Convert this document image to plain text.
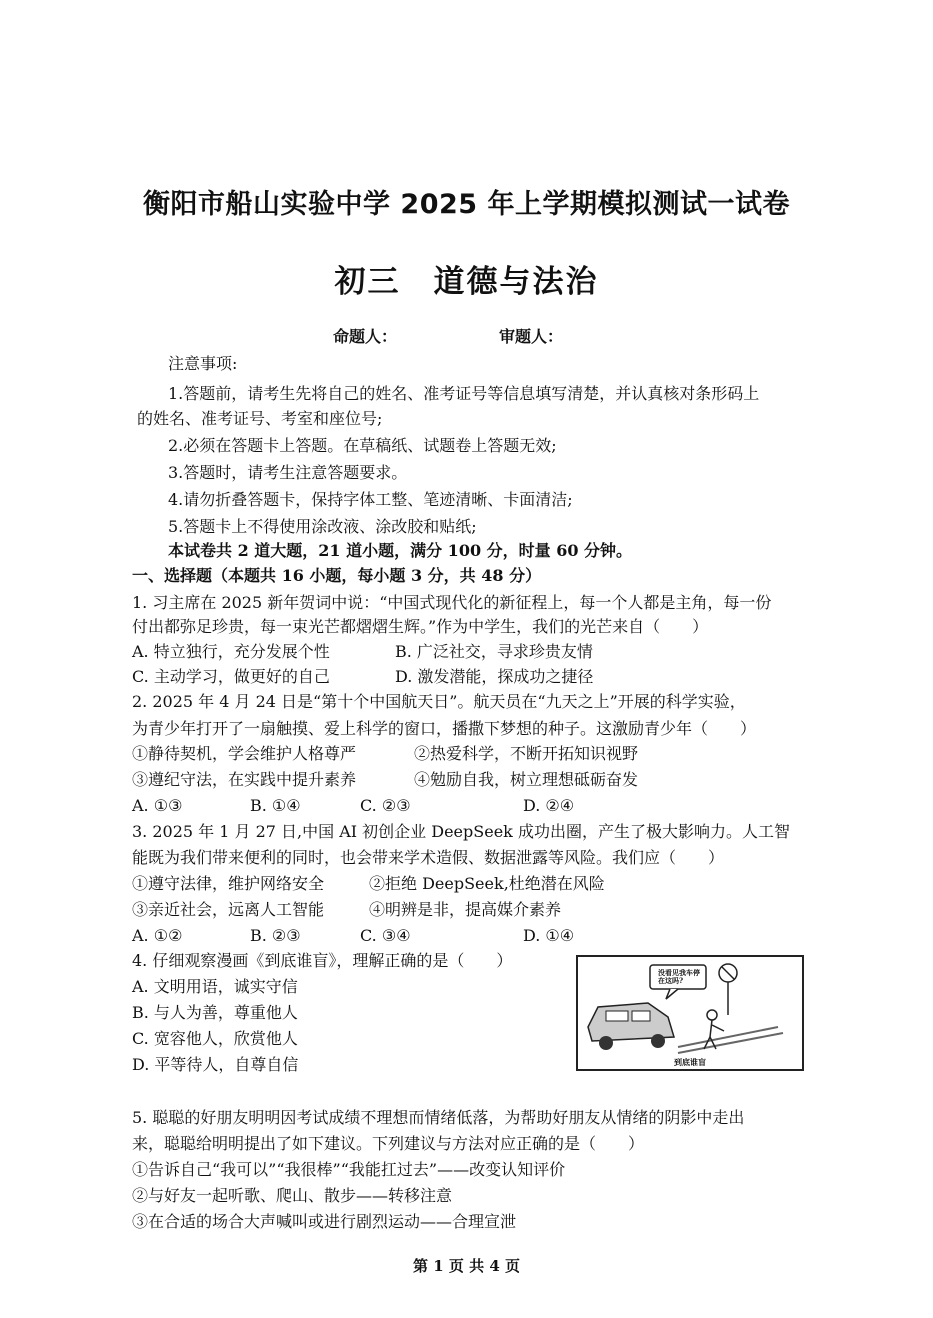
衡阳市船山实验中学 2025 年上学期模拟测试一试卷
初三　道德与法治
命题人：	审题人：
注意事项:
1.答题前，请考生先将自己的姓名、准考证号等信息填写清楚，并认真核对条形码上
的姓名、准考证号、考室和座位号;
2.必须在答题卡上答题。在草稿纸、试题卷上答题无效;
3.答题时，请考生注意答题要求。
4.请勿折叠答题卡，保持字体工整、笔迹清晰、卡面清洁;
5.答题卡上不得使用涂改液、涂改胶和贴纸;
本试卷共 2 道大题，21 道小题，满分 100 分，时量 60 分钟。
一、选择题（本题共 16 小题，每小题 3 分，共 48 分）
1. 习主席在 2025 新年贺词中说：“中国式现代化的新征程上，每一个人都是主角，每一份
付出都弥足珍贵，每一束光芒都熠熠生辉。”作为中学生，我们的光芒来自（　　）
A. 特立独行，充分发展个性	B. 广泛社交，寻求珍贵友情
C. 主动学习，做更好的自己	D. 激发潜能，探成功之捷径
2. 2025 年 4 月 24 日是“第十个中国航天日”。航天员在“九天之上”开展的科学实验，
为青少年打开了一扇触摸、爱上科学的窗口，播撒下梦想的种子。这激励青少年（　　）
①静待契机，学会维护人格尊严	②热爱科学，不断开拓知识视野
③遵纪守法，在实践中提升素养	④勉励自我，树立理想砥砺奋发
A. ①③	B. ①④	C. ②③	D. ②④
3. 2025 年 1 月 27 日,中国 AI 初创企业 DeepSeek 成功出圈，产生了极大影响力。人工智
能既为我们带来便利的同时，也会带来学术造假、数据泄露等风险。我们应（　　）
①遵守法律，维护网络安全	②拒绝 DeepSeek,杜绝潜在风险
③亲近社会，远离人工智能	④明辨是非，提高媒介素养
A. ①②	B. ②③	C. ③④	D. ①④
4. 仔细观察漫画《到底谁盲》，理解正确的是（　　）
A. 文明用语，诚实守信
B. 与人为善，尊重他人
C. 宽容他人，欣赏他人
D. 平等待人，自尊自信
没看见我车停在这吗?
到底谁盲
5. 聪聪的好朋友明明因考试成绩不理想而情绪低落，为帮助好朋友从情绪的阴影中走出
来，聪聪给明明提出了如下建议。下列建议与方法对应正确的是（　　）
①告诉自己“我可以”“我很棒”“我能扛过去”——改变认知评价
②与好友一起听歌、爬山、散步——转移注意
③在合适的场合大声喊叫或进行剧烈运动——合理宣泄
第 1 页 共 4 页
